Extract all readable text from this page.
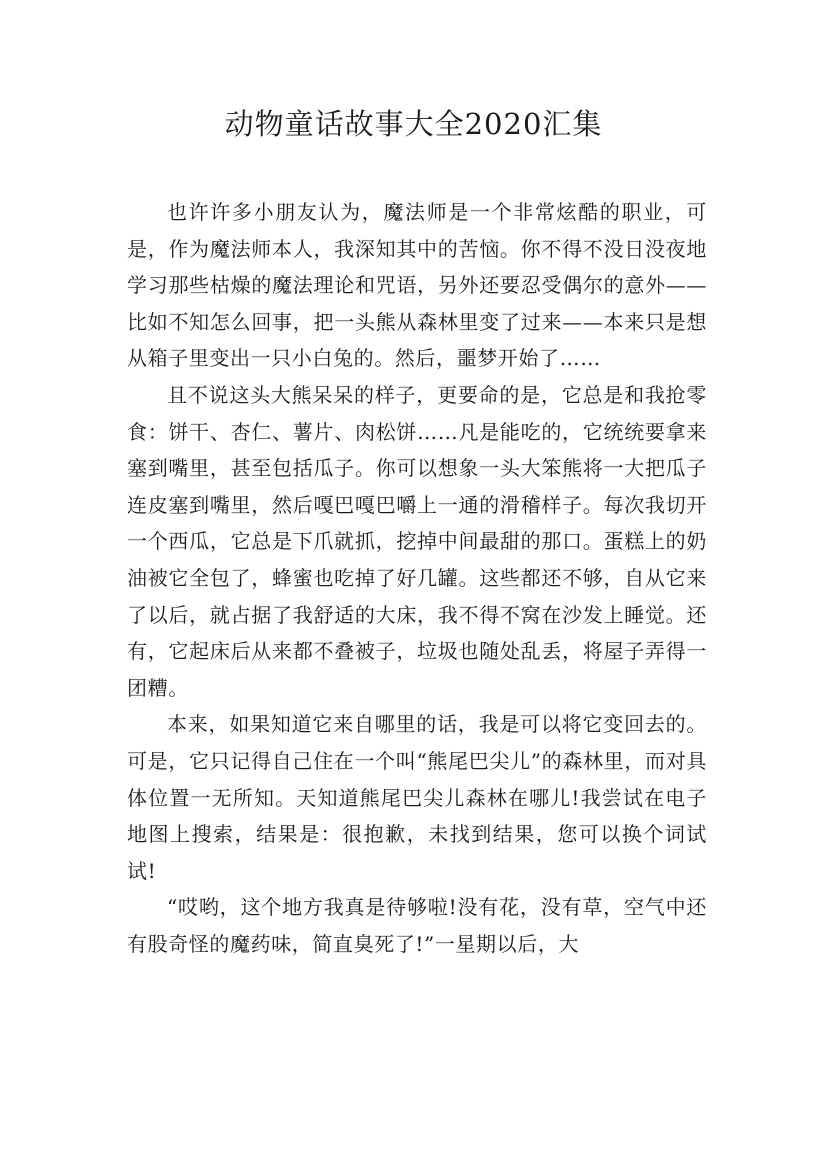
动物童话故事大全2020汇集

也许许多小朋友认为，魔法师是一个非常炫酷的职业，可是，作为魔法师本人，我深知其中的苦恼。你不得不没日没夜地学习那些枯燥的魔法理论和咒语，另外还要忍受偶尔的意外——比如不知怎么回事，把一头熊从森林里变了过来——本来只是想从箱子里变出一只小白兔的。然后，噩梦开始了……

且不说这头大熊呆呆的样子，更要命的是，它总是和我抢零食：饼干、杏仁、薯片、肉松饼……凡是能吃的，它统统要拿来塞到嘴里，甚至包括瓜子。你可以想象一头大笨熊将一大把瓜子连皮塞到嘴里，然后嘎巴嘎巴嚼上一通的滑稽样子。每次我切开一个西瓜，它总是下爪就抓，挖掉中间最甜的那口。蛋糕上的奶油被它全包了，蜂蜜也吃掉了好几罐。这些都还不够，自从它来了以后，就占据了我舒适的大床，我不得不窝在沙发上睡觉。还有，它起床后从来都不叠被子，垃圾也随处乱丢，将屋子弄得一团糟。

本来，如果知道它来自哪里的话，我是可以将它变回去的。可是，它只记得自己住在一个叫“熊尾巴尖儿”的森林里，而对具体位置一无所知。天知道熊尾巴尖儿森林在哪儿!我尝试在电子地图上搜索，结果是：很抱歉，未找到结果，您可以换个词试试!

“哎哟，这个地方我真是待够啦!没有花，没有草，空气中还有股奇怪的魔药味，简直臭死了!”一星期以后，大
